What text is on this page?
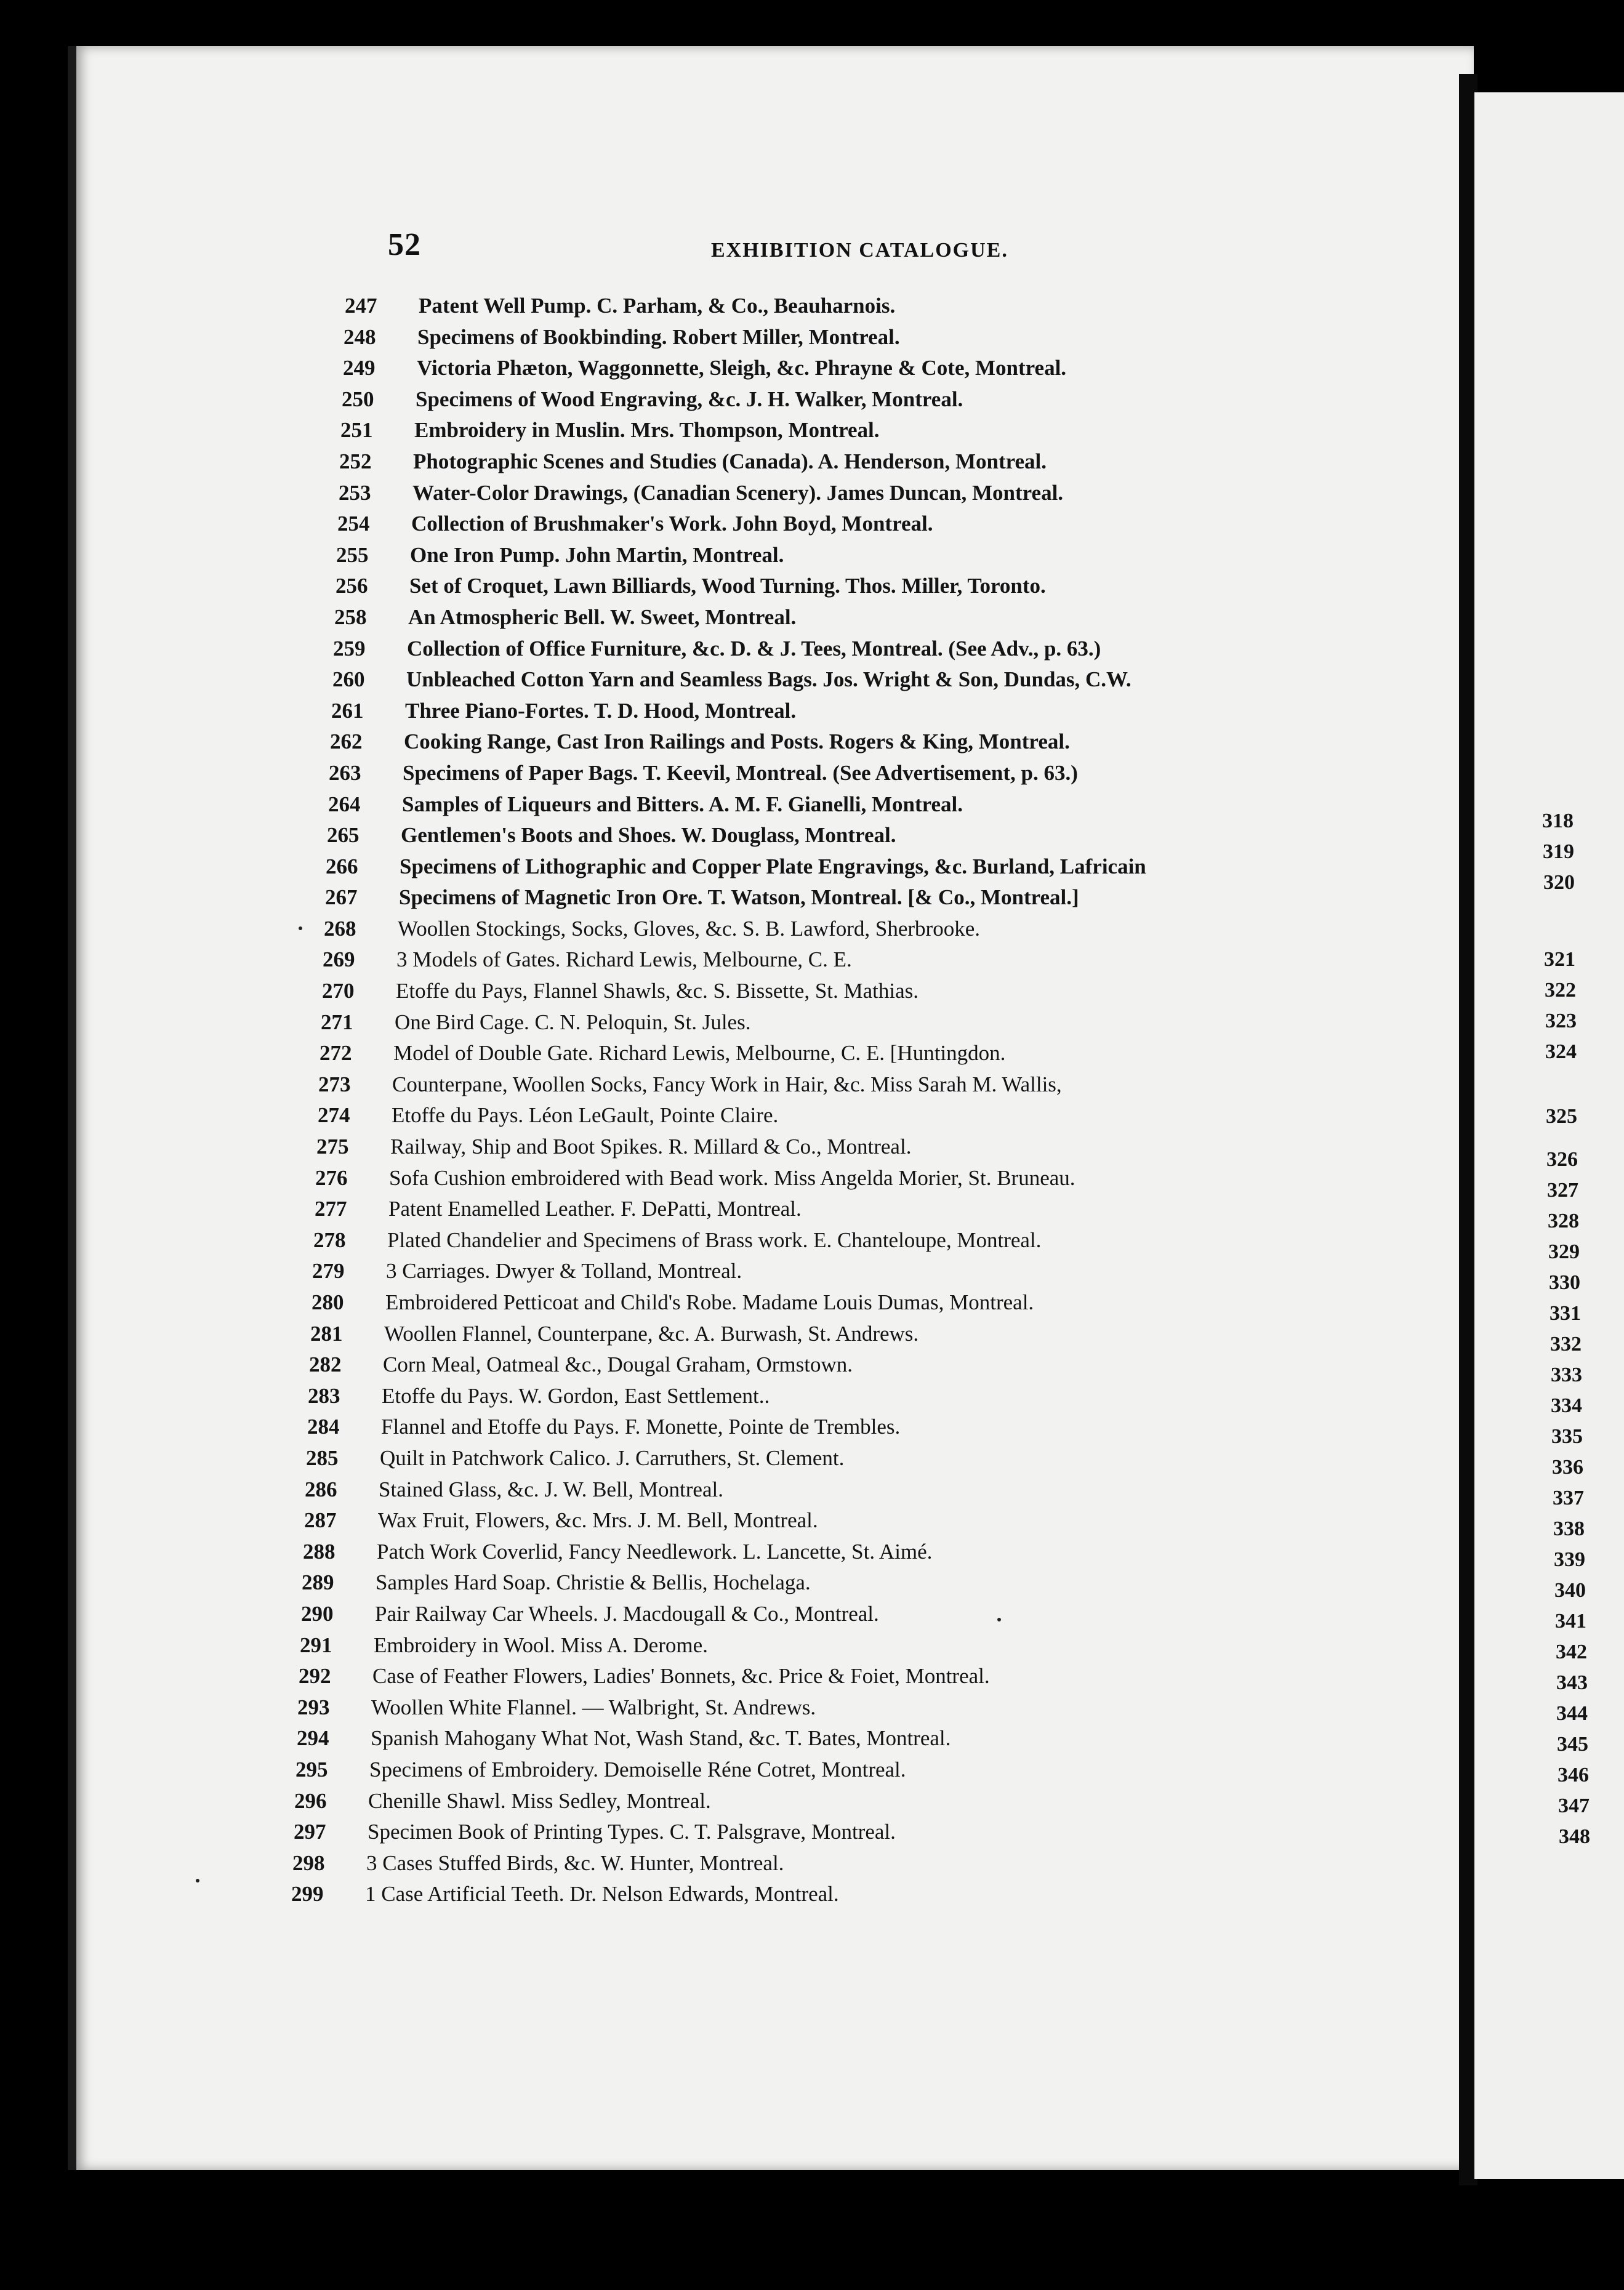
52	EXHIBITION CATALOGUE.
247 Patent Well Pump. C. Parham, & Co., Beauharnois.
248 Specimens of Bookbinding. Robert Miller, Montreal.
249 Victoria Phæton, Waggonnette, Sleigh, &c. Phrayne & Cote, Montreal.
250 Specimens of Wood Engraving, &c. J. H. Walker, Montreal.
251 Embroidery in Muslin. Mrs. Thompson, Montreal.
252 Photographic Scenes and Studies (Canada). A. Henderson, Montreal.
253 Water-Color Drawings, (Canadian Scenery). James Duncan, Montreal.
254 Collection of Brushmaker's Work. John Boyd, Montreal.
255 One Iron Pump. John Martin, Montreal.
256 Set of Croquet, Lawn Billiards, Wood Turning. Thos. Miller, Toronto.
258 An Atmospheric Bell. W. Sweet, Montreal.
259 Collection of Office Furniture, &c. D. & J. Tees, Montreal. (See Adv., p. 63.)
260 Unbleached Cotton Yarn and Seamless Bags. Jos. Wright & Son, Dundas, C.W.
261 Three Piano-Fortes. T. D. Hood, Montreal.
262 Cooking Range, Cast Iron Railings and Posts. Rogers & King, Montreal.
263 Specimens of Paper Bags. T. Keevil, Montreal. (See Advertisement, p. 63.)
264 Samples of Liqueurs and Bitters. A. M. F. Gianelli, Montreal.
265 Gentlemen's Boots and Shoes. W. Douglass, Montreal.
266 Specimens of Lithographic and Copper Plate Engravings, &c. Burland, Lafricain
267 Specimens of Magnetic Iron Ore. T. Watson, Montreal. [& Co., Montreal.]
268 Woollen Stockings, Socks, Gloves, &c. S. B. Lawford, Sherbrooke.
269 3 Models of Gates. Richard Lewis, Melbourne, C. E.
270 Etoffe du Pays, Flannel Shawls, &c. S. Bissette, St. Mathias.
271 One Bird Cage. C. N. Peloquin, St. Jules.
272 Model of Double Gate. Richard Lewis, Melbourne, C. E. [Huntingdon.
273 Counterpane, Woollen Socks, Fancy Work in Hair, &c. Miss Sarah M. Wallis,
274 Etoffe du Pays. Léon LeGault, Pointe Claire.
275 Railway, Ship and Boot Spikes. R. Millard & Co., Montreal.
276 Sofa Cushion embroidered with Bead work. Miss Angelda Morier, St. Bruneau.
277 Patent Enamelled Leather. F. DePatti, Montreal.
278 Plated Chandelier and Specimens of Brass work. E. Chanteloupe, Montreal.
279 3 Carriages. Dwyer & Tolland, Montreal.
280 Embroidered Petticoat and Child's Robe. Madame Louis Dumas, Montreal.
281 Woollen Flannel, Counterpane, &c. A. Burwash, St. Andrews.
282 Corn Meal, Oatmeal &c., Dougal Graham, Ormstown.
283 Etoffe du Pays. W. Gordon, East Settlement..
284 Flannel and Etoffe du Pays. F. Monette, Pointe de Trembles.
285 Quilt in Patchwork Calico. J. Carruthers, St. Clement.
286 Stained Glass, &c. J. W. Bell, Montreal.
287 Wax Fruit, Flowers, &c. Mrs. J. M. Bell, Montreal.
288 Patch Work Coverlid, Fancy Needlework. L. Lancette, St. Aimé.
289 Samples Hard Soap. Christie & Bellis, Hochelaga.
290 Pair Railway Car Wheels. J. Macdougall & Co., Montreal.
291 Embroidery in Wool. Miss A. Derome.
292 Case of Feather Flowers, Ladies' Bonnets, &c. Price & Foiet, Montreal.
293 Woollen White Flannel. — Walbright, St. Andrews.
294 Spanish Mahogany What Not, Wash Stand, &c. T. Bates, Montreal.
295 Specimens of Embroidery. Demoiselle Réne Cotret, Montreal.
296 Chenille Shawl. Miss Sedley, Montreal.
297 Specimen Book of Printing Types. C. T. Palsgrave, Montreal.
298 3 Cases Stuffed Birds, &c. W. Hunter, Montreal.
299 1 Case Artificial Teeth. Dr. Nelson Edwards, Montreal.
318
319
320
321
322
323
324
325
326
327
328
329
330
331
332
333
334
335
336
337
338
339
340
341
342
343
344
345
346
347
348
